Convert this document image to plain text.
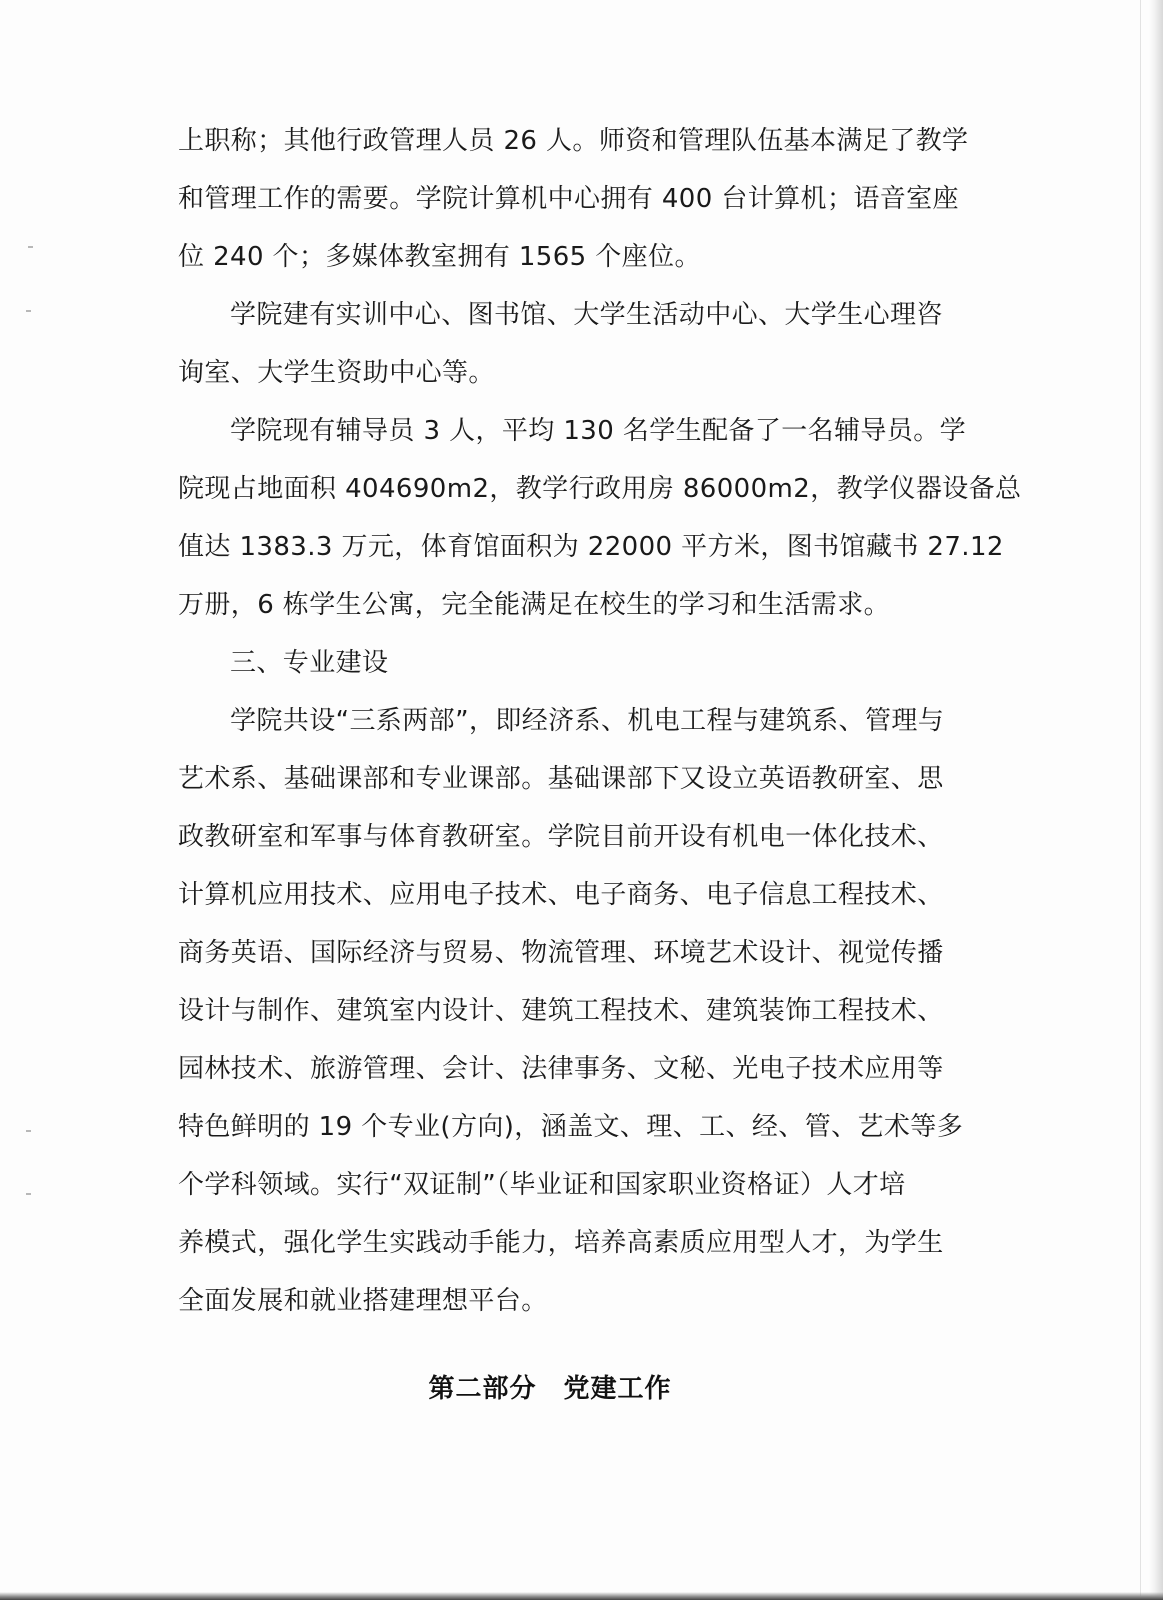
上职称；其他行政管理人员 26 人。师资和管理队伍基本满足了教学
和管理工作的需要。学院计算机中心拥有 400 台计算机；语音室座
位 240 个；多媒体教室拥有 1565 个座位。
学院建有实训中心、图书馆、大学生活动中心、大学生心理咨
询室、大学生资助中心等。
学院现有辅导员 3 人，平均 130 名学生配备了一名辅导员。学
院现占地面积 404690m2，教学行政用房 86000m2，教学仪器设备总
值达 1383.3 万元，体育馆面积为 22000 平方米，图书馆藏书 27.12
万册，6 栋学生公寓，完全能满足在校生的学习和生活需求。
三、专业建设
学院共设“三系两部”，即经济系、机电工程与建筑系、管理与
艺术系、基础课部和专业课部。基础课部下又设立英语教研室、思
政教研室和军事与体育教研室。学院目前开设有机电一体化技术、
计算机应用技术、应用电子技术、电子商务、电子信息工程技术、
商务英语、国际经济与贸易、物流管理、环境艺术设计、视觉传播
设计与制作、建筑室内设计、建筑工程技术、建筑装饰工程技术、
园林技术、旅游管理、会计、法律事务、文秘、光电子技术应用等
特色鲜明的 19 个专业(方向)，涵盖文、理、工、经、管、艺术等多
个学科领域。实行“双证制”（毕业证和国家职业资格证）人才培
养模式，强化学生实践动手能力，培养高素质应用型人才，为学生
全面发展和就业搭建理想平台。
第二部分　党建工作
